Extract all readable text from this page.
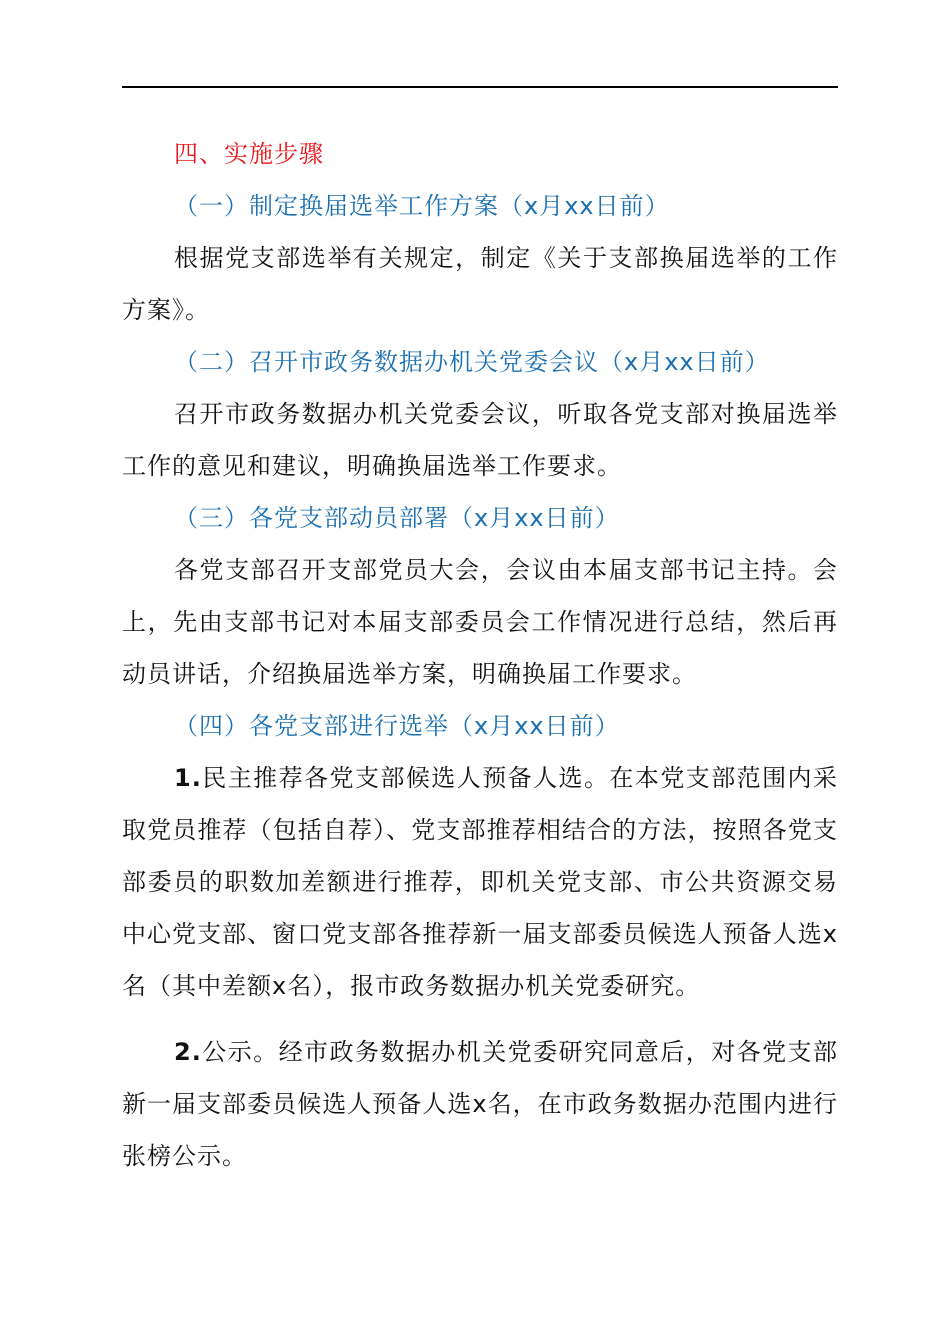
四、实施步骤

（一）制定换届选举工作方案（x月xx日前）

根据党支部选举有关规定，制定《关于支部换届选举的工作方案》。

（二）召开市政务数据办机关党委会议（x月xx日前）

召开市政务数据办机关党委会议，听取各党支部对换届选举工作的意见和建议，明确换届选举工作要求。

（三）各党支部动员部署（x月xx日前）

各党支部召开支部党员大会，会议由本届支部书记主持。会上，先由支部书记对本届支部委员会工作情况进行总结，然后再动员讲话，介绍换届选举方案，明确换届工作要求。

（四）各党支部进行选举（x月xx日前）

1.民主推荐各党支部候选人预备人选。在本党支部范围内采取党员推荐（包括自荐）、党支部推荐相结合的方法，按照各党支部委员的职数加差额进行推荐，即机关党支部、市公共资源交易中心党支部、窗口党支部各推荐新一届支部委员候选人预备人选x名（其中差额x名），报市政务数据办机关党委研究。

2.公示。经市政务数据办机关党委研究同意后，对各党支部新一届支部委员候选人预备人选x名，在市政务数据办范围内进行张榜公示。
